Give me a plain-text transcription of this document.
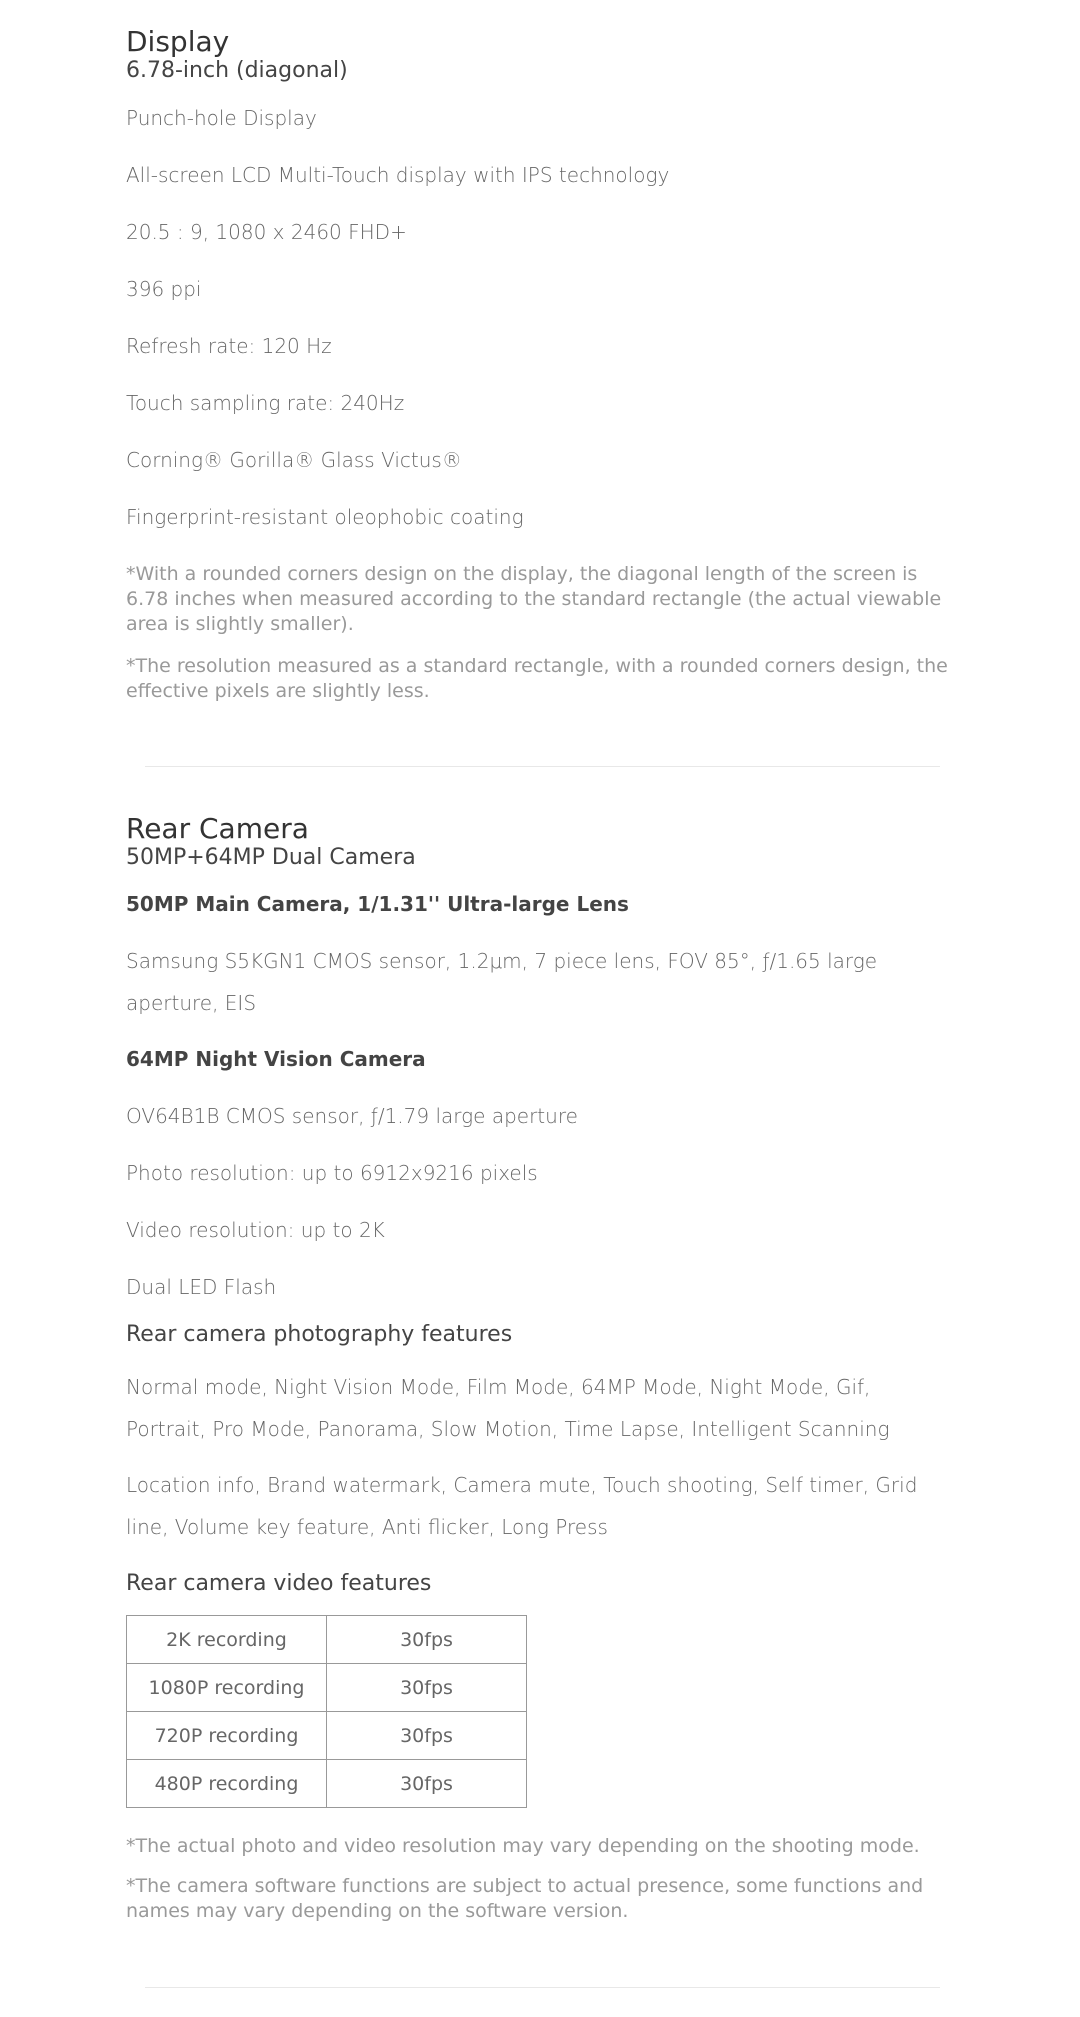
Display
6.78-inch (diagonal)

Punch-hole Display

All-screen LCD Multi-Touch display with IPS technology

20.5 : 9, 1080 x 2460 FHD+

396 ppi

Refresh rate: 120 Hz

Touch sampling rate: 240Hz

Corning® Gorilla® Glass Victus®

Fingerprint-resistant oleophobic coating

*With a rounded corners design on the display, the diagonal length of the screen is 6.78 inches when measured according to the standard rectangle (the actual viewable area is slightly smaller).

*The resolution measured as a standard rectangle, with a rounded corners design, the effective pixels are slightly less.

Rear Camera
50MP+64MP Dual Camera

50MP Main Camera, 1/1.31'' Ultra-large Lens

Samsung S5KGN1 CMOS sensor, 1.2μm, 7 piece lens, FOV 85°, ƒ/1.65 large aperture, EIS

64MP Night Vision Camera

OV64B1B CMOS sensor, ƒ/1.79 large aperture

Photo resolution: up to 6912x9216 pixels

Video resolution: up to 2K

Dual LED Flash

Rear camera photography features

Normal mode, Night Vision Mode, Film Mode, 64MP Mode, Night Mode, Gif, Portrait, Pro Mode, Panorama, Slow Motion, Time Lapse, Intelligent Scanning

Location info, Brand watermark, Camera mute, Touch shooting, Self timer, Grid line, Volume key feature, Anti flicker, Long Press

Rear camera video features
2K recording	30fps
1080P recording	30fps
720P recording	30fps
480P recording	30fps

*The actual photo and video resolution may vary depending on the shooting mode.

*The camera software functions are subject to actual presence, some functions and names may vary depending on the software version.
